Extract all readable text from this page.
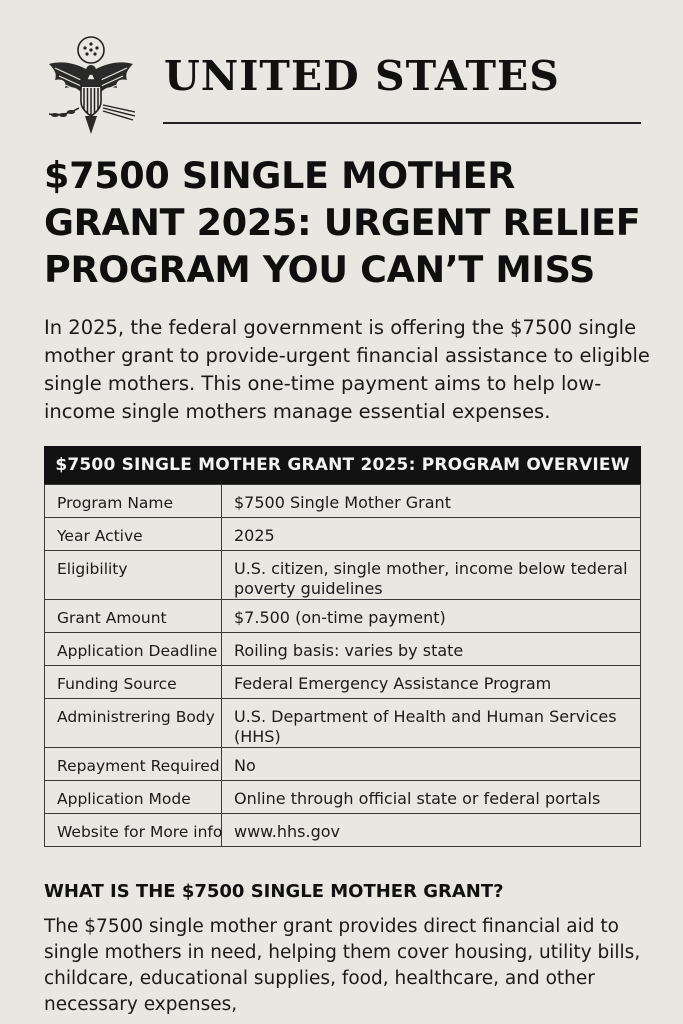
UNITED STATES
$7500 SINGLE MOTHER GRANT 2025: URGENT RELIEF PROGRAM YOU CAN’T MISS

In 2025, the federal government is offering the $7500 single mother grant to provide-urgent financial assistance to eligible single mothers. This one-time payment aims to help low-income single mothers manage essential expenses.

$7500 SINGLE MOTHER GRANT 2025: PROGRAM OVERVIEW
Program Name	$7500 Single Mother Grant
Year Active	2025
Eligibility	U.S. citizen, single mother, income below tederal poverty guidelines
Grant Amount	$7.500 (on-time payment)
Application Deadline	Roiling basis: varies by state
Funding Source	Federal Emergency Assistance Program
Administrering Body	U.S. Department of Health and Human Services (HHS)
Repayment Required	No
Application Mode	Online through official state or federal portals
Website for More info	www.hhs.gov
WHAT IS THE $7500 SINGLE MOTHER GRANT?

The $7500 single mother grant provides direct financial aid to single mothers in need, helping them cover housing, utility bills, childcare, educational supplies, food, healthcare, and other necessary expenses,
